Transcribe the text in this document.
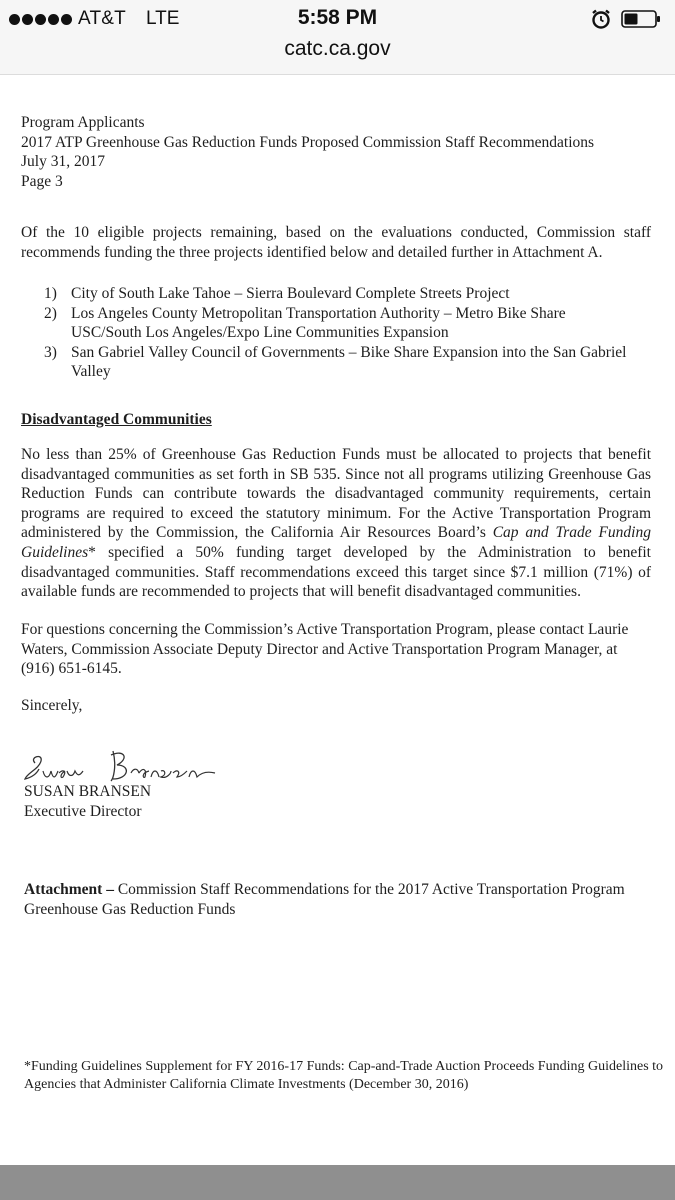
AT&T LTE	5:58 PM
catc.ca.gov
Program Applicants
2017 ATP Greenhouse Gas Reduction Funds Proposed Commission Staff Recommendations
July 31, 2017
Page 3

Of the 10 eligible projects remaining, based on the evaluations conducted, Commission staff recommends funding the three projects identified below and detailed further in Attachment A.

1) City of South Lake Tahoe – Sierra Boulevard Complete Streets Project
2) Los Angeles County Metropolitan Transportation Authority – Metro Bike Share
USC/South Los Angeles/Expo Line Communities Expansion
3) San Gabriel Valley Council of Governments – Bike Share Expansion into the San Gabriel
Valley
Disadvantaged Communities

No less than 25% of Greenhouse Gas Reduction Funds must be allocated to projects that benefit disadvantaged communities as set forth in SB 535. Since not all programs utilizing Greenhouse Gas Reduction Funds can contribute towards the disadvantaged community requirements, certain programs are required to exceed the statutory minimum. For the Active Transportation Program administered by the Commission, the California Air Resources Board’s Cap and Trade Funding Guidelines* specified a 50% funding target developed by the Administration to benefit disadvantaged communities. Staff recommendations exceed this target since $7.1 million (71%) of available funds are recommended to projects that will benefit disadvantaged communities.

For questions concerning the Commission’s Active Transportation Program, please contact Laurie Waters, Commission Associate Deputy Director and Active Transportation Program Manager, at (916) 651-6145.

Sincerely,
SUSAN BRANSEN
Executive Director

Attachment – Commission Staff Recommendations for the 2017 Active Transportation Program Greenhouse Gas Reduction Funds

*Funding Guidelines Supplement for FY 2016-17 Funds: Cap-and-Trade Auction Proceeds Funding Guidelines to Agencies that Administer California Climate Investments (December 30, 2016)
